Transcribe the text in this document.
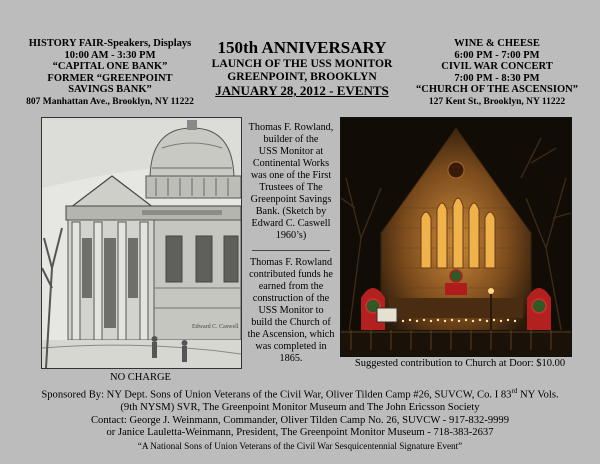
HISTORY FAIR-Speakers, Displays
10:00 AM - 3:30 PM
“CAPITAL ONE BANK”
FORMER “GREENPOINT
SAVINGS BANK”
807 Manhattan Ave., Brooklyn, NY 11222
150th ANNIVERSARY
LAUNCH OF THE USS MONITOR
GREENPOINT, BROOKLYN
JANUARY 28, 2012 - EVENTS
WINE & CHEESE
6:00 PM - 7:00 PM
CIVIL WAR CONCERT
7:00 PM - 8:30 PM
“CHURCH OF THE ASCENSION”
127 Kent St., Brooklyn, NY 11222
Edward C. Caswell
Thomas F. Rowland,
builder of the
USS Monitor at
Continental Works
was one of the First
Trustees of The
Greenpoint Savings
Bank. (Sketch by
Edward C. Caswell
1960’s)
Thomas F. Rowland
contributed funds he
earned from the
construction of the
USS Monitor to
build the Church of
the Ascension, which
was completed in
1865.
NO CHARGE
Suggested contribution to Church at Door: $10.00
Sponsored By: NY Dept. Sons of Union Veterans of the Civil War, Oliver Tilden Camp #26, SUVCW, Co. I 83rd NY Vols.
(9th NYSM) SVR, The Greenpoint Monitor Museum and The John Ericsson Society
Contact: George J. Weinmann, Commander, Oliver Tilden Camp No. 26, SUVCW - 917-832-9999
or Janice Lauletta-Weinmann, President, The Greenpoint Monitor Museum - 718-383-2637
“A National Sons of Union Veterans of the Civil War Sesquicentennial Signature Event”
